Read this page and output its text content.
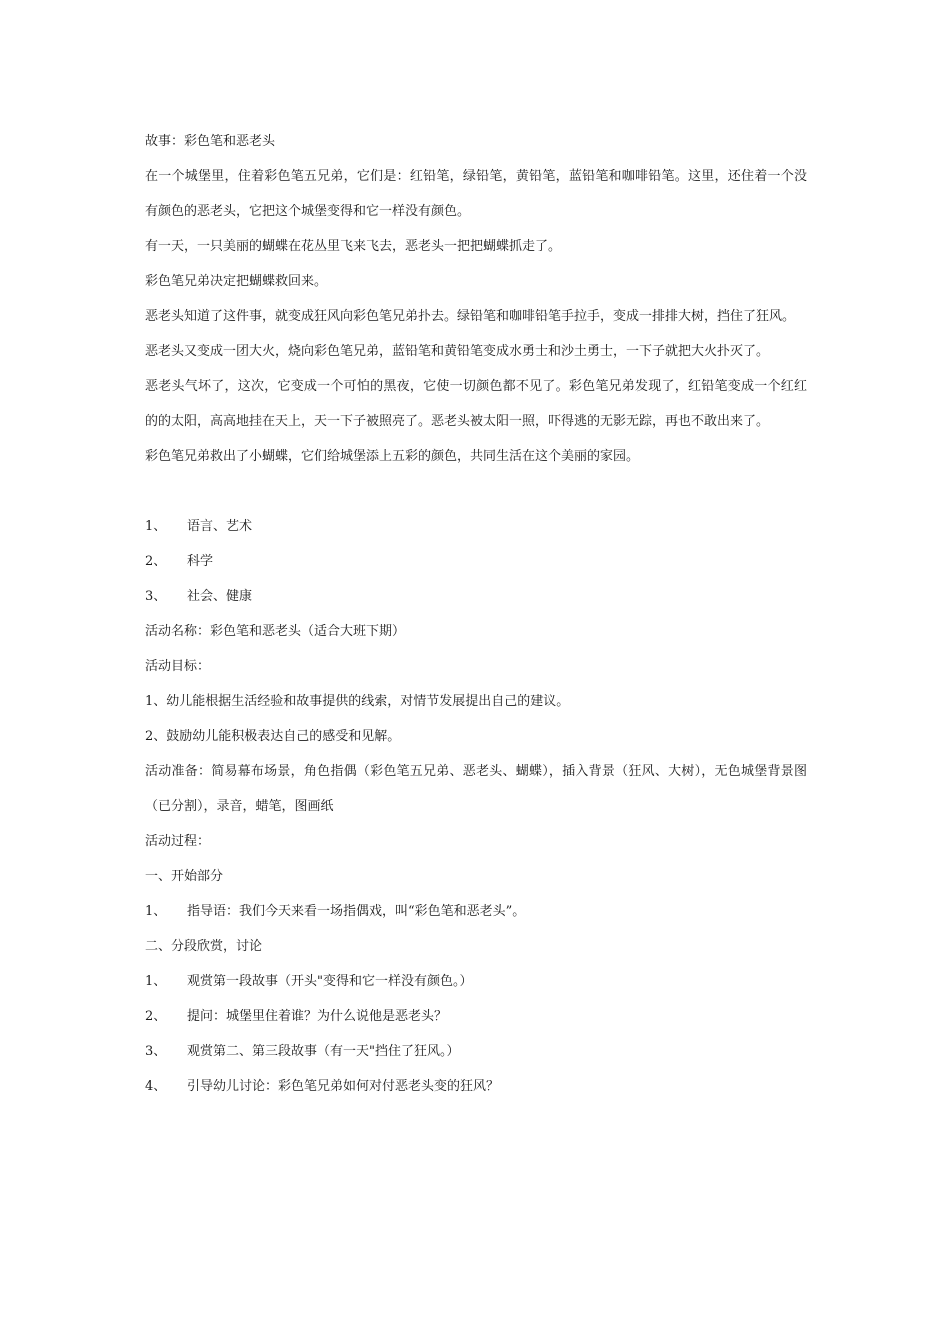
故事：彩色笔和恶老头

在一个城堡里，住着彩色笔五兄弟，它们是：红铅笔，绿铅笔，黄铅笔，蓝铅笔和咖啡铅笔。这里，还住着一个没有颜色的恶老头，它把这个城堡变得和它一样没有颜色。

有一天，一只美丽的蝴蝶在花丛里飞来飞去，恶老头一把把蝴蝶抓走了。

彩色笔兄弟决定把蝴蝶救回来。

恶老头知道了这件事，就变成狂风向彩色笔兄弟扑去。绿铅笔和咖啡铅笔手拉手，变成一排排大树，挡住了狂风。

恶老头又变成一团大火，烧向彩色笔兄弟，蓝铅笔和黄铅笔变成水勇士和沙土勇士，一下子就把大火扑灭了。

恶老头气坏了，这次，它变成一个可怕的黑夜，它使一切颜色都不见了。彩色笔兄弟发现了，红铅笔变成一个红红的的太阳，高高地挂在天上，天一下子被照亮了。恶老头被太阳一照，吓得逃的无影无踪，再也不敢出来了。

彩色笔兄弟救出了小蝴蝶，它们给城堡添上五彩的颜色，共同生活在这个美丽的家园。

1、	语言、艺术
2、	科学
3、	社会、健康

活动名称：彩色笔和恶老头（适合大班下期）

活动目标：

1、幼儿能根据生活经验和故事提供的线索，对情节发展提出自己的建议。

2、鼓励幼儿能积极表达自己的感受和见解。

活动准备：简易幕布场景，角色指偶（彩色笔五兄弟、恶老头、蝴蝶），插入背景（狂风、大树），无色城堡背景图（已分割），录音，蜡笔，图画纸

活动过程：

一、开始部分

1、	指导语：我们今天来看一场指偶戏，叫“彩色笔和恶老头”。

二、分段欣赏，讨论

1、	观赏第一段故事（开头"变得和它一样没有颜色。）
2、	提问：城堡里住着谁？为什么说他是恶老头？
3、	观赏第二、第三段故事（有一天"挡住了狂风。）
4、	引导幼儿讨论：彩色笔兄弟如何对付恶老头变的狂风？
